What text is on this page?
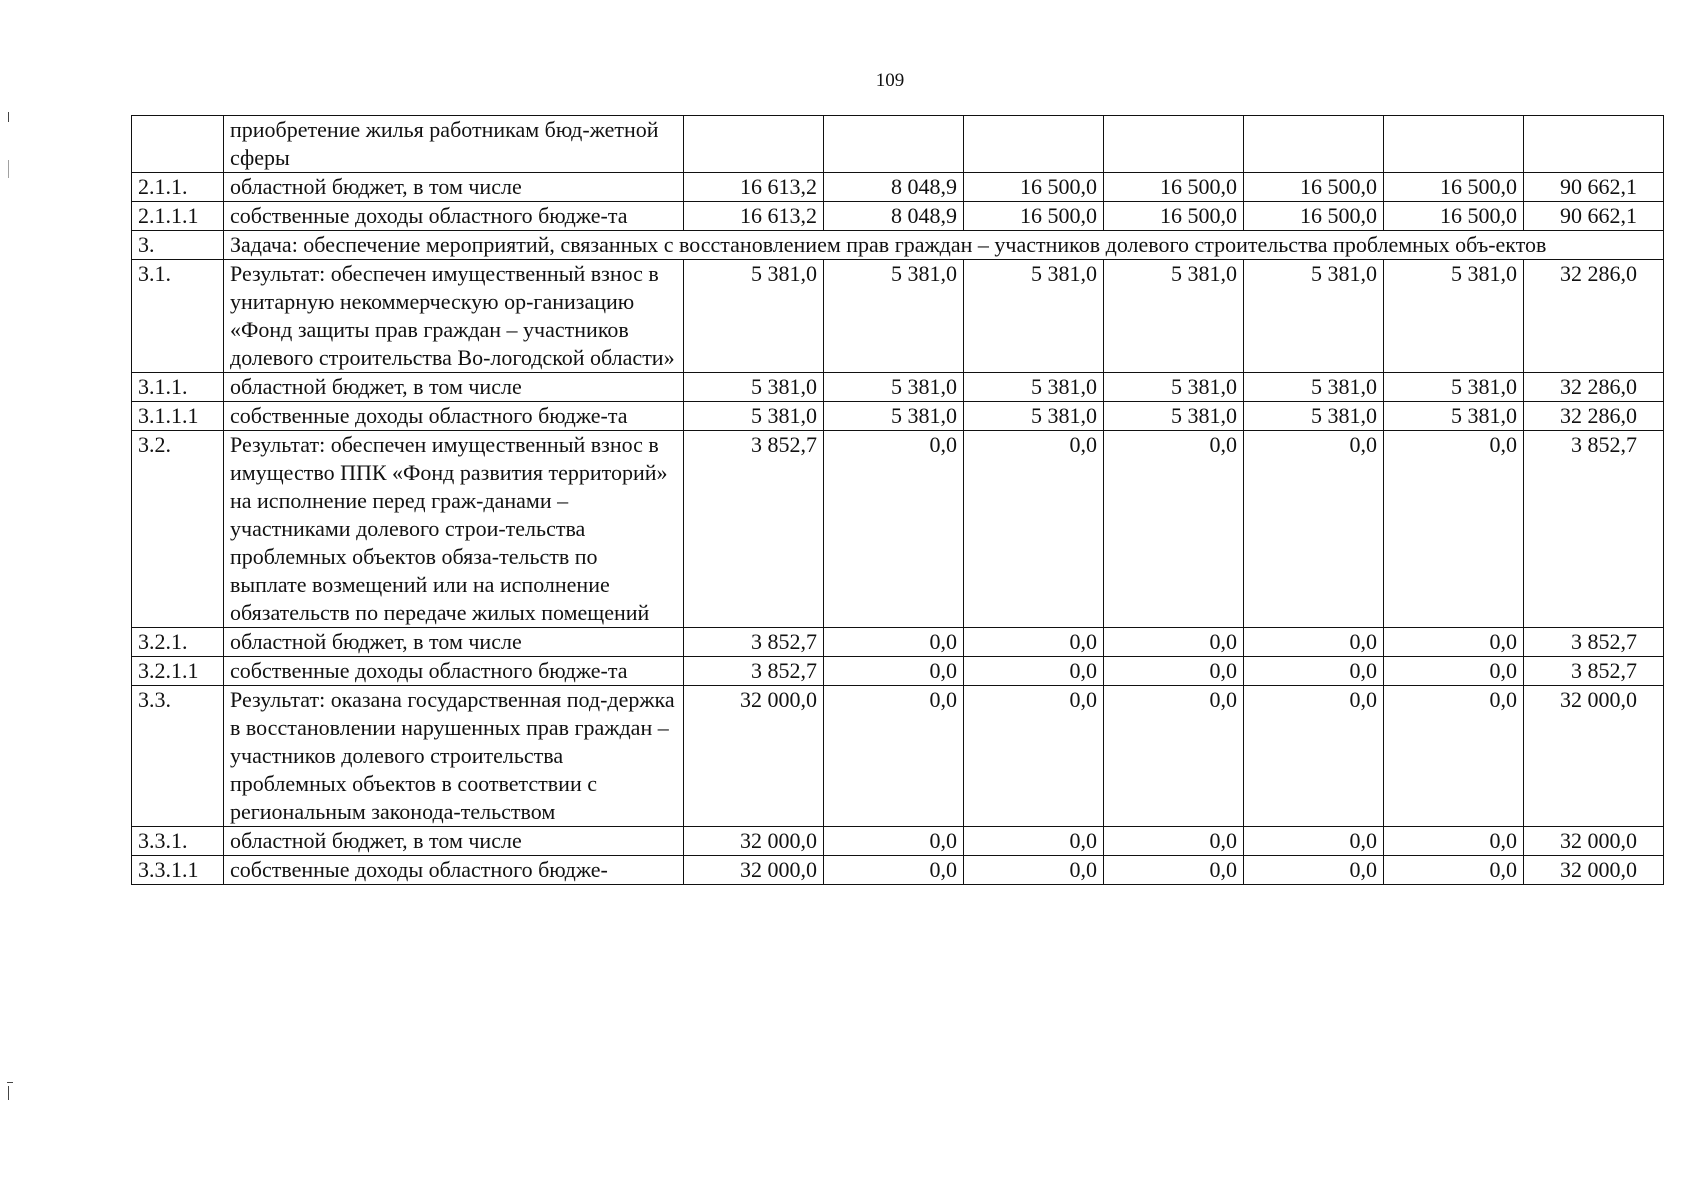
109
	приобретение жилья работникам бюд-жетной сферы							
2.1.1.	областной бюджет, в том числе	16 613,2	8 048,9	16 500,0	16 500,0	16 500,0	16 500,0	90 662,1
2.1.1.1	собственные доходы областного бюдже-та	16 613,2	8 048,9	16 500,0	16 500,0	16 500,0	16 500,0	90 662,1
3.	Задача: обеспечение мероприятий, связанных с восстановлением прав граждан – участников долевого строительства проблемных объ-ектов							
3.1.	Результат: обеспечен имущественный взнос в унитарную некоммерческую ор-ганизацию «Фонд защиты прав граждан – участников долевого строительства Во-логодской области»	5 381,0	5 381,0	5 381,0	5 381,0	5 381,0	5 381,0	32 286,0
3.1.1.	областной бюджет, в том числе	5 381,0	5 381,0	5 381,0	5 381,0	5 381,0	5 381,0	32 286,0
3.1.1.1	собственные доходы областного бюдже-та	5 381,0	5 381,0	5 381,0	5 381,0	5 381,0	5 381,0	32 286,0
3.2.	Результат: обеспечен имущественный взнос в имущество ППК «Фонд развития территорий» на исполнение перед граж-данами – участниками долевого строи-тельства проблемных объектов обяза-тельств по выплате возмещений или на исполнение обязательств по передаче жилых помещений	3 852,7	0,0	0,0	0,0	0,0	0,0	3 852,7
3.2.1.	областной бюджет, в том числе	3 852,7	0,0	0,0	0,0	0,0	0,0	3 852,7
3.2.1.1	собственные доходы областного бюдже-та	3 852,7	0,0	0,0	0,0	0,0	0,0	3 852,7
3.3.	Результат: оказана государственная под-держка в восстановлении нарушенных прав граждан – участников долевого строительства проблемных объектов в соответствии с региональным законода-тельством	32 000,0	0,0	0,0	0,0	0,0	0,0	32 000,0
3.3.1.	областной бюджет, в том числе	32 000,0	0,0	0,0	0,0	0,0	0,0	32 000,0
3.3.1.1	собственные доходы областного бюдже-	32 000,0	0,0	0,0	0,0	0,0	0,0	32 000,0
